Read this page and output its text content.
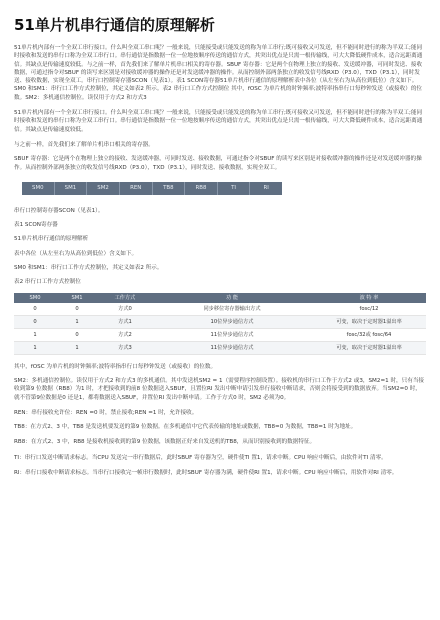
51单片机串行通信的原理解析

51单片机内部有一个全双工串行接口。什么叫全双工串口呢？一般来说，只能接受或只能发送的称为单工串行;既可接收又可发送，但不能同时进行的称为半双工;能同时接收和发送的串行口称为全双工串行口。串行通信是指数据一位一位地按顺序传送的通信方式，其突出优点是只需一根传输线，可大大降低硬件成本，适合远距离通信。其缺点是传输速度较低。与之前一样，首先我们来了解单片机串口相关的寄存器。SBUF 寄存器：它是两个在物理上独立的接收、发送缓冲器，可同时发送、接收数据，可通过指令对SBUF 的读写来区别是对接收缓冲器的操作还是对发送缓冲器的操作。从而控制外部两条独立的收发信号线RXD（P3.0），TXD（P3.1），同时发送、接收数据，实现全双工。串行口控制寄存器SCON（见表1）。表1 SCON寄存器51单片机串行通信的原理解析表中各位（从左至右为从高位到低位）含义如下。SM0 和SM1：串行口工作方式控制位，其定义如表2 所示。表2 串行口工作方式控制位 其中，fOSC 为单片机的时钟频率;波特率指串行口每秒钟发送（或接收）的位数。SM2：多机通信控制位。读仅用于方式2 和方式3

51单片机内部有一个全双工串行接口。什么叫全双工串口呢？一般来说，只能接受或只能发送的称为单工串行;既可接收又可发送，但不能同时进行的称为半双工;能同时接收和发送的串行口称为全双工串行口。串行通信是指数据一位一位地按顺序传送的通信方式，其突出优点是只需一根传输线，可大大降低硬件成本，适合远距离通信。其缺点是传输速度较低。

与之前一样，首先我们来了解单片机串口相关的寄存器。

SBUF 寄存器：它是两个在物理上独立的接收、发送缓冲器，可同时发送、接收数据，可通过指令对SBUF 的读写来区别是对接收缓冲器的操作还是对发送缓冲器的操作。从而控制外部两条独立的收发信号线RXD（P3.0），TXD（P3.1），同时发送、接收数据，实现全双工。

SM0	SM1	SM2	REN	TB8	RB8	TI	RI

串行口控制寄存器SCON（见表1）。

表1 SCON寄存器

51单片机串行通信的原理解析

表中各位（从左至右为从高位到低位）含义如下。

SM0 和SM1：串行口工作方式控制位，其定义如表2 所示。

表2 串行口工作方式控制位

SM0	SM1	工作方式	功 能	波 特 率
0	0	方式0	同步移位寄存器输出方式	fosc/12
0	1	方式1	10位异步通信方式	可变，取决于定时器1溢出率
1	0	方式2	11位异步通信方式	fosc/32或 fosc/64
1	1	方式3	11位异步通信方式	可变，取决于定时器1溢出率

其中，fOSC 为单片机的时钟频率;波特率指串行口每秒钟发送（或接收）的位数。

SM2：多机通信控制位。读仅用于方式2 和方式3 的多机通信。其中发送机SM2 = 1（需要程序控制设置）。接收机的串行口工作于方式2 或3，SM2=1 时，只有当接收到第9 位数据（RB8）为1 时，才把接收到的前8 位数据送入SBUF，且置位RI 发出中断申请引发串行接收中断请求，否则会将接受到的数据放弃。当SM2=0 时，就不管第9位数据是0 还是1，都将数据送入SBUF，并置位RI 发出中断申请。工作于方式0 时，SM2 必须为0。

REN：串行接收允许位：REN =0 时，禁止接收;REN =1 时，允许接收。

TB8：在方式2、3 中，TB8 是发送机要发送的第9 位数据。在多机通信中它代表传输的地址或数据，TB8=0 为数据，TB8=1 时为地址。

RB8：在方式2、3 中，RB8 是接收机接收到的第9 位数据，该数据正好来自发送机的TB8，从而识别接收到的数据特征。

TI：串行口发送中断请求标志。当CPU 发送完一串行数据后，此时SBUF 寄存器为空，硬件使TI 置1，请求中断。CPU 响应中断后，由软件对TI 清零。

RI：串行口接收中断请求标志。当串行口接收完一帧串行数据时，此时SBUF 寄存器为满，硬件使RI 置1，请求中断。CPU 响应中断后，用软件对RI 清零。
